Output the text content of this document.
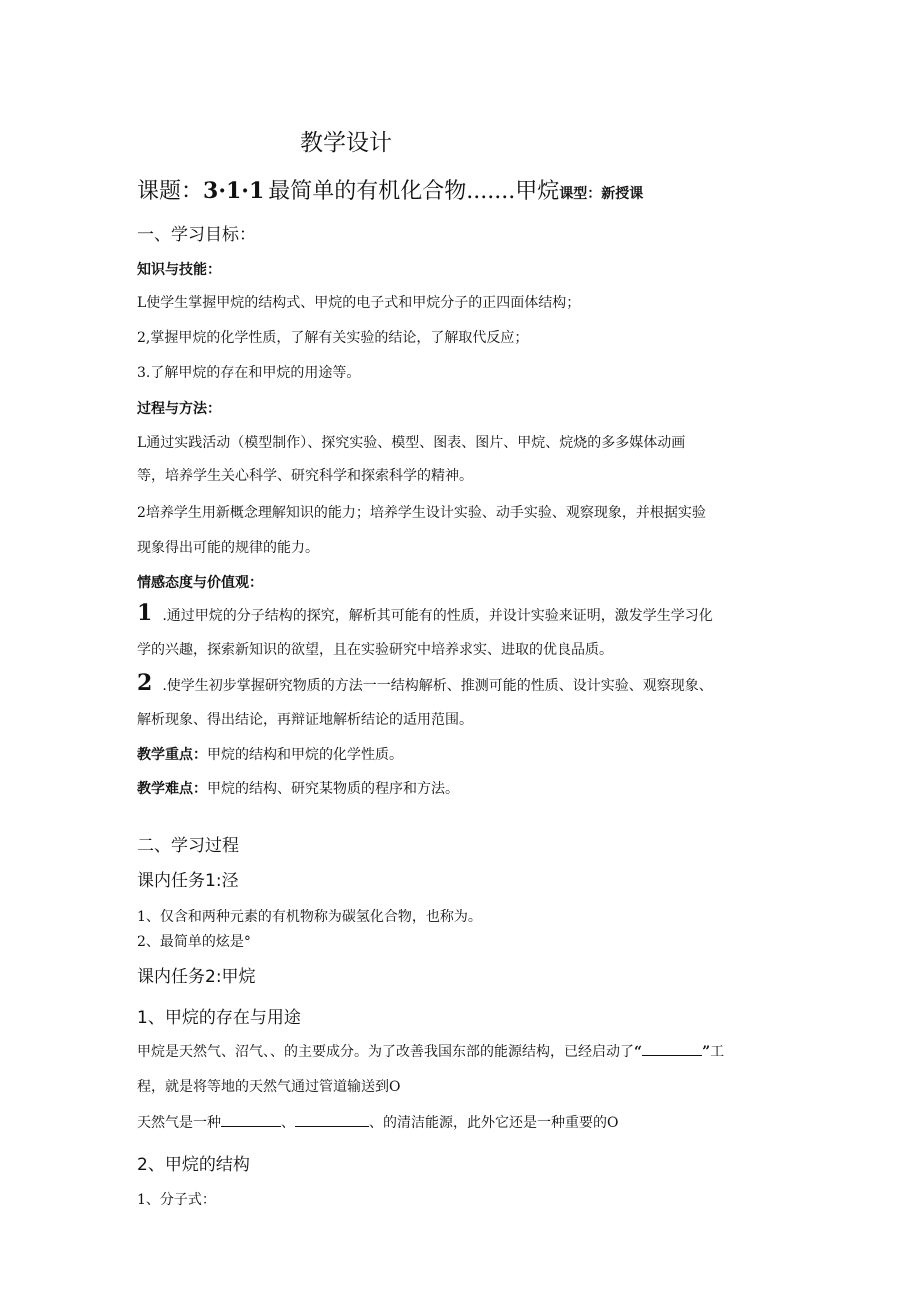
教学设计
课题：3·1·1 最简单的有机化合物.......甲烷课型：新授课
一、学习目标：
知识与技能：
L使学生掌握甲烷的结构式、甲烷的电子式和甲烷分子的正四面体结构；
2,掌握甲烷的化学性质，了解有关实验的结论，了解取代反应；
3.了解甲烷的存在和甲烷的用途等。
过程与方法：
L通过实践活动（模型制作）、探究实验、模型、图表、图片、甲烷、烷烧的多多媒体动画
等，培养学生关心科学、研究科学和探索科学的精神。
2培养学生用新概念理解知识的能力；培养学生设计实验、动手实验、观察现象，并根据实验
现象得出可能的规律的能力。
情感态度与价值观：
1 .通过甲烷的分子结构的探究，解析其可能有的性质，并设计实验来证明，激发学生学习化
学的兴趣，探索新知识的欲望，且在实验研究中培养求实、进取的优良品质。
2 .使学生初步掌握研究物质的方法一一结构解析、推测可能的性质、设计实验、观察现象、
解析现象、得出结论，再辩证地解析结论的适用范围。
教学重点：甲烷的结构和甲烷的化学性质。
教学难点：甲烷的结构、研究某物质的程序和方法。
二、学习过程
课内任务1:泾
1、仅含和两种元素的有机物称为碳氢化合物，也称为。
2、最简单的炫是°
课内任务2:甲烷
1、甲烷的存在与用途
甲烷是天然气、沼气、、的主要成分。为了改善我国东部的能源结构，已经启动了“	”工
程，就是将等地的天然气通过管道输送到O
天然气是一种	、	、的清洁能源，此外它还是一种重要的O
2、甲烷的结构
1、分子式：
